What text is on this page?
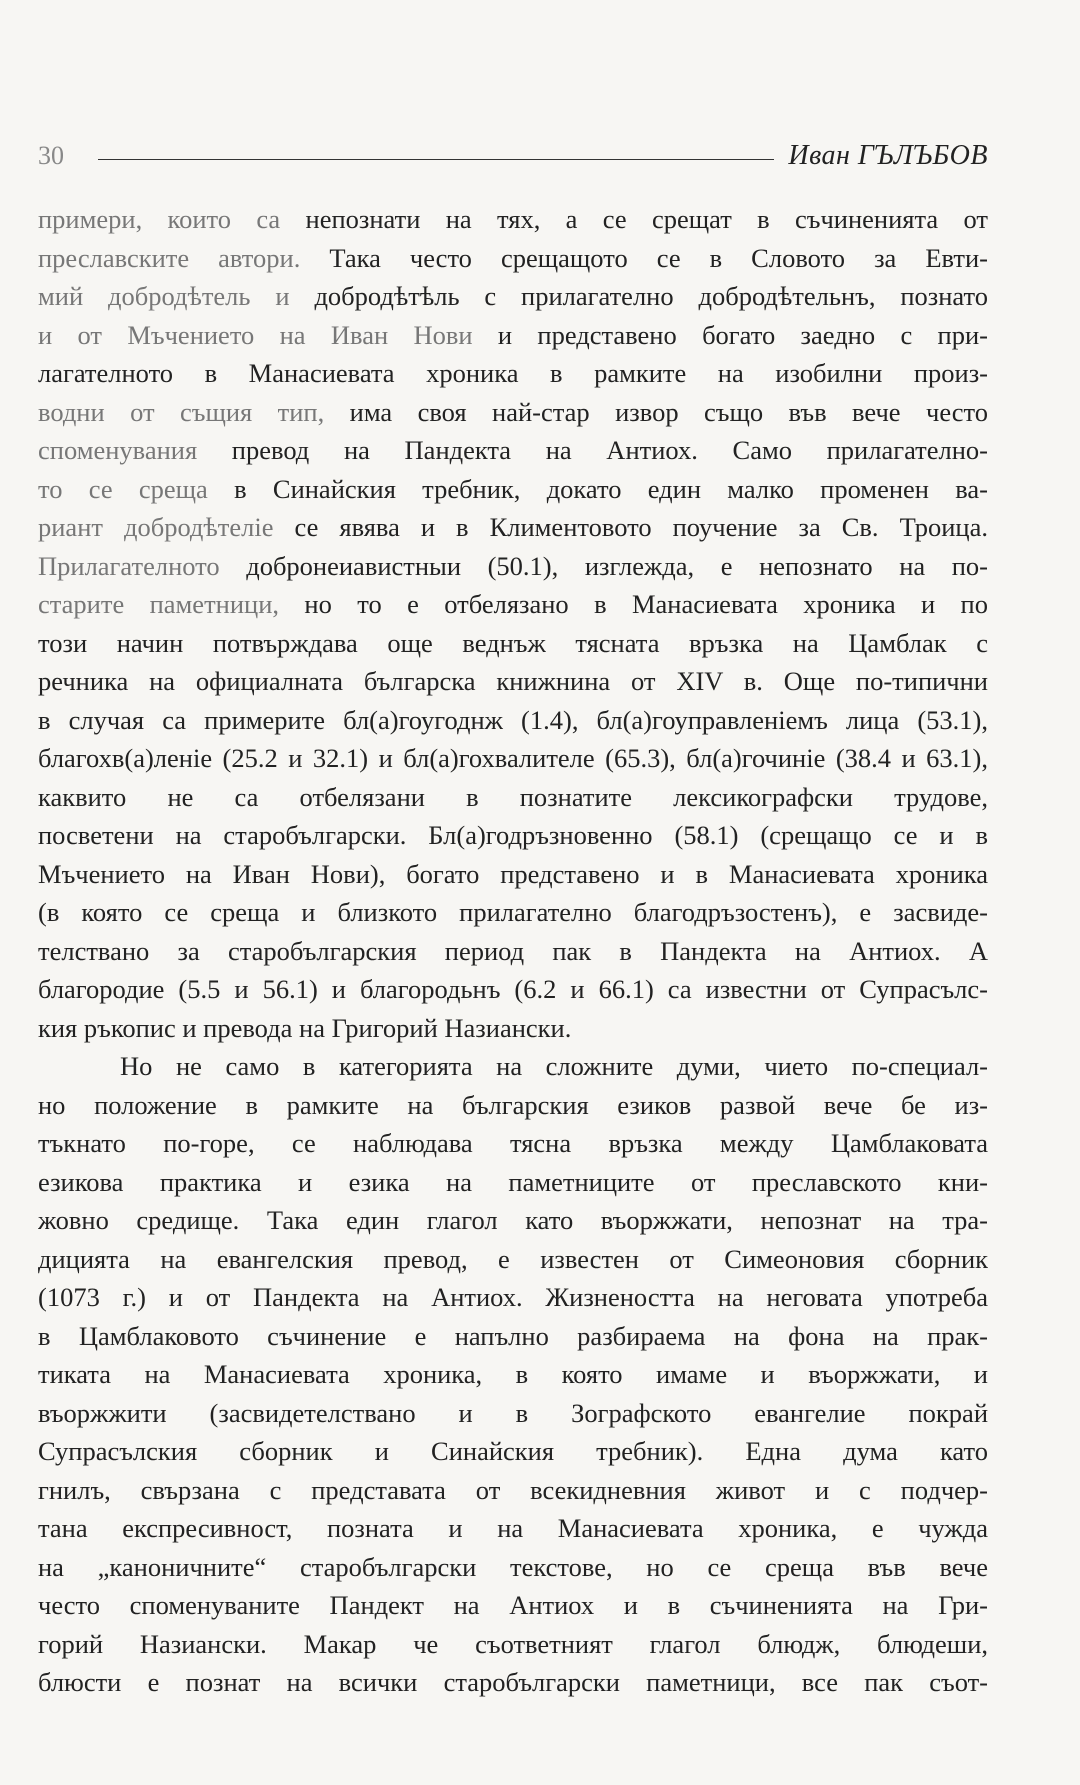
30	Иван ГЪЛЪБОВ
примери, които са непознати на тях, а се срещат в съчиненията от
преславските автори. Така често срещащото се в Словото за Евти-
мий добродѣтель и добродѣтѣль с прилагателно добродѣтельнъ, познато
и от Мъчението на Иван Нови и представено богато заедно с при-
лагателното в Манасиевата хроника в рамките на изобилни произ-
водни от същия тип, има своя най-стар извор също във вече често
споменувания превод на Пандекта на Антиох. Само прилагателно-
то се среща в Синайския требник, докато един малко променен ва-
риант добродѣтеліе се явява и в Климентовото поучение за Св. Троица.
Прилагателното добронеиавистныи (50.1), изглежда, е непознато на по-
старите паметници, но то е отбелязано в Манасиевата хроника и по
този начин потвърждава още веднъж тясната връзка на Цамблак с
речника на официалната българска книжнина от XIV в. Още по-типични
в случая са примерите бл(а)гоугоднж (1.4), бл(а)гоуправленіемъ лица (53.1),
благохв(а)леніе (25.2 и 32.1) и бл(а)гохвалителе (65.3), бл(а)гочиніе (38.4 и 63.1),
каквито не са отбелязани в познатите лексикографски трудове,
посветени на старобългарски. Бл(а)годръзновенно (58.1) (срещащо се и в
Мъчението на Иван Нови), богато представено и в Манасиевата хроника
(в която се среща и близкото прилагателно благодръзостенъ), е засвиде-
телствано за старобългарския период пак в Пандекта на Антиох. А
благородие (5.5 и 56.1) и благородьнъ (6.2 и 66.1) са известни от Супрасълс-
кия ръкопис и превода на Григорий Назиански.
Но не само в категорията на сложните думи, чието по-специал-
но положение в рамките на българския езиков развой вече бе из-
тъкнато по-горе, се наблюдава тясна връзка между Цамблаковата
езикова практика и езика на паметниците от преславското кни-
жовно средище. Така един глагол като въоржжати, непознат на тра-
дицията на евангелския превод, е известен от Симеоновия сборник
(1073 г.) и от Пандекта на Антиох. Жизнеността на неговата употреба
в Цамблаковото съчинение е напълно разбираема на фона на прак-
тиката на Манасиевата хроника, в която имаме и въоржжати, и
въоржжити (засвидетелствано и в Зографското евангелие покрай
Супрасълския сборник и Синайския требник). Една дума като
гнилъ, свързана с представата от всекидневния живот и с подчер-
тана експресивност, позната и на Манасиевата хроника, е чужда
на „каноничните“ старобългарски текстове, но се среща във вече
често споменуваните Пандект на Антиох и в съчиненията на Гри-
горий Назиански. Макар че съответният глагол блюдж, блюдеши,
блюсти е познат на всички старобългарски паметници, все пак съот-
